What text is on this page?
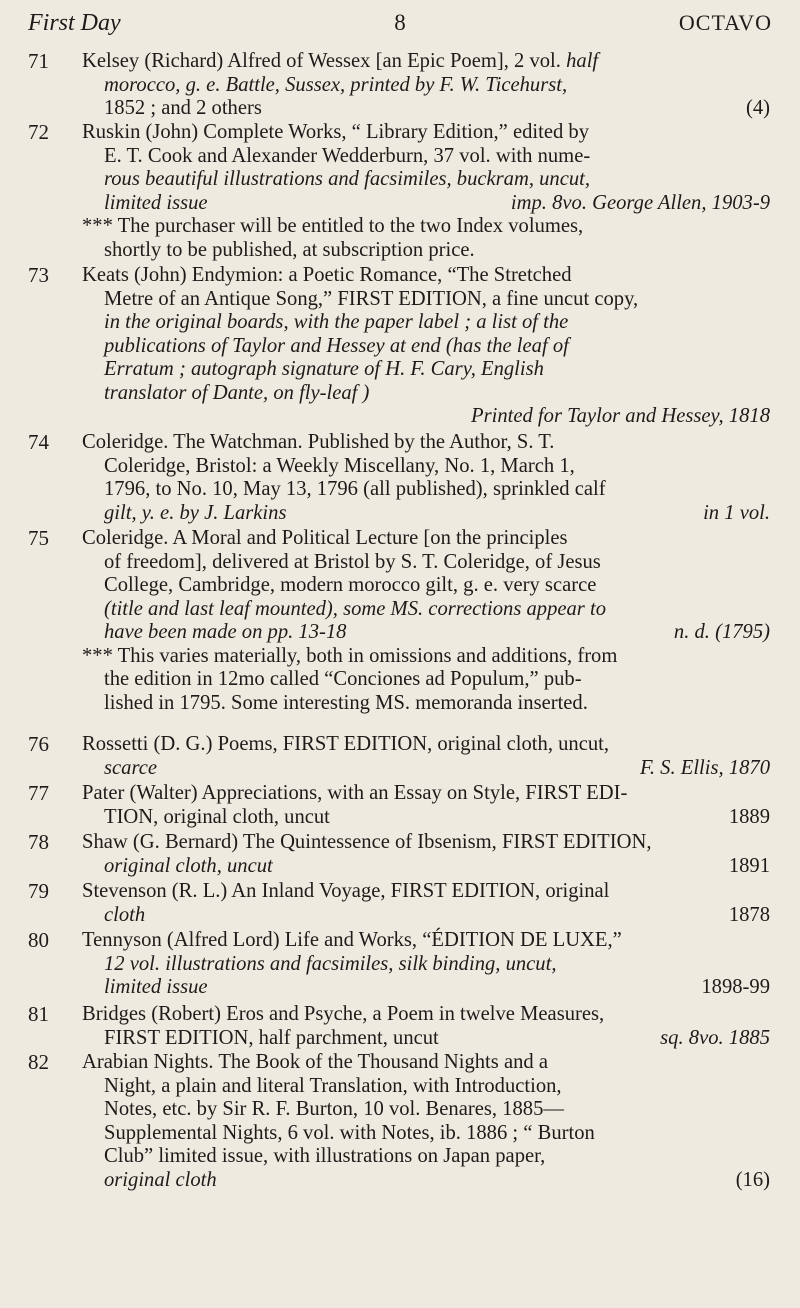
First Day	8	OCTAVO
71	Kelsey (Richard) Alfred of Wessex [an Epic Poem], 2 vol. half

morocco, g. e. Battle, Sussex, printed by F. W. Ticehurst,

1852 ; and 2 others	(4)

72	Ruskin (John) Complete Works, “ Library Edition,” edited by

E. T. Cook and Alexander Wedderburn, 37 vol. with nume-

rous beautiful illustrations and facsimiles, buckram, uncut,

limited issue	imp. 8vo. George Allen, 1903-9

*** The purchaser will be entitled to the two Index volumes,

shortly to be published, at subscription price.

73	Keats (John) Endymion: a Poetic Romance, “The Stretched

Metre of an Antique Song,” FIRST EDITION, a fine uncut copy,

in the original boards, with the paper label ; a list of the

publications of Taylor and Hessey at end (has the leaf of

Erratum ; autograph signature of H. F. Cary, English

translator of Dante, on fly-leaf )

Printed for Taylor and Hessey, 1818

74	Coleridge. The Watchman. Published by the Author, S. T.

Coleridge, Bristol: a Weekly Miscellany, No. 1, March 1,

1796, to No. 10, May 13, 1796 (all published), sprinkled calf

gilt, y. e. by J. Larkins	in 1 vol.

75	Coleridge. A Moral and Political Lecture [on the principles

of freedom], delivered at Bristol by S. T. Coleridge, of Jesus

College, Cambridge, modern morocco gilt, g. e. very scarce

(title and last leaf mounted), some MS. corrections appear to

have been made on pp. 13-18	n. d. (1795)

*** This varies materially, both in omissions and additions, from

the edition in 12mo called “Conciones ad Populum,” pub-

lished in 1795. Some interesting MS. memoranda inserted.

76	Rossetti (D. G.) Poems, FIRST EDITION, original cloth, uncut,

scarce	F. S. Ellis, 1870

77	Pater (Walter) Appreciations, with an Essay on Style, FIRST EDI-

TION, original cloth, uncut	1889

78	Shaw (G. Bernard) The Quintessence of Ibsenism, FIRST EDITION,

original cloth, uncut	1891

79	Stevenson (R. L.) An Inland Voyage, FIRST EDITION, original

cloth	1878

80	Tennyson (Alfred Lord) Life and Works, “ÉDITION DE LUXE,”

12 vol. illustrations and facsimiles, silk binding, uncut,

limited issue	1898-99

81	Bridges (Robert) Eros and Psyche, a Poem in twelve Measures,

FIRST EDITION, half parchment, uncut	sq. 8vo. 1885

82	Arabian Nights. The Book of the Thousand Nights and a

Night, a plain and literal Translation, with Introduction,

Notes, etc. by Sir R. F. Burton, 10 vol. Benares, 1885—

Supplemental Nights, 6 vol. with Notes, ib. 1886 ; “ Burton

Club” limited issue, with illustrations on Japan paper,

original cloth	(16)
